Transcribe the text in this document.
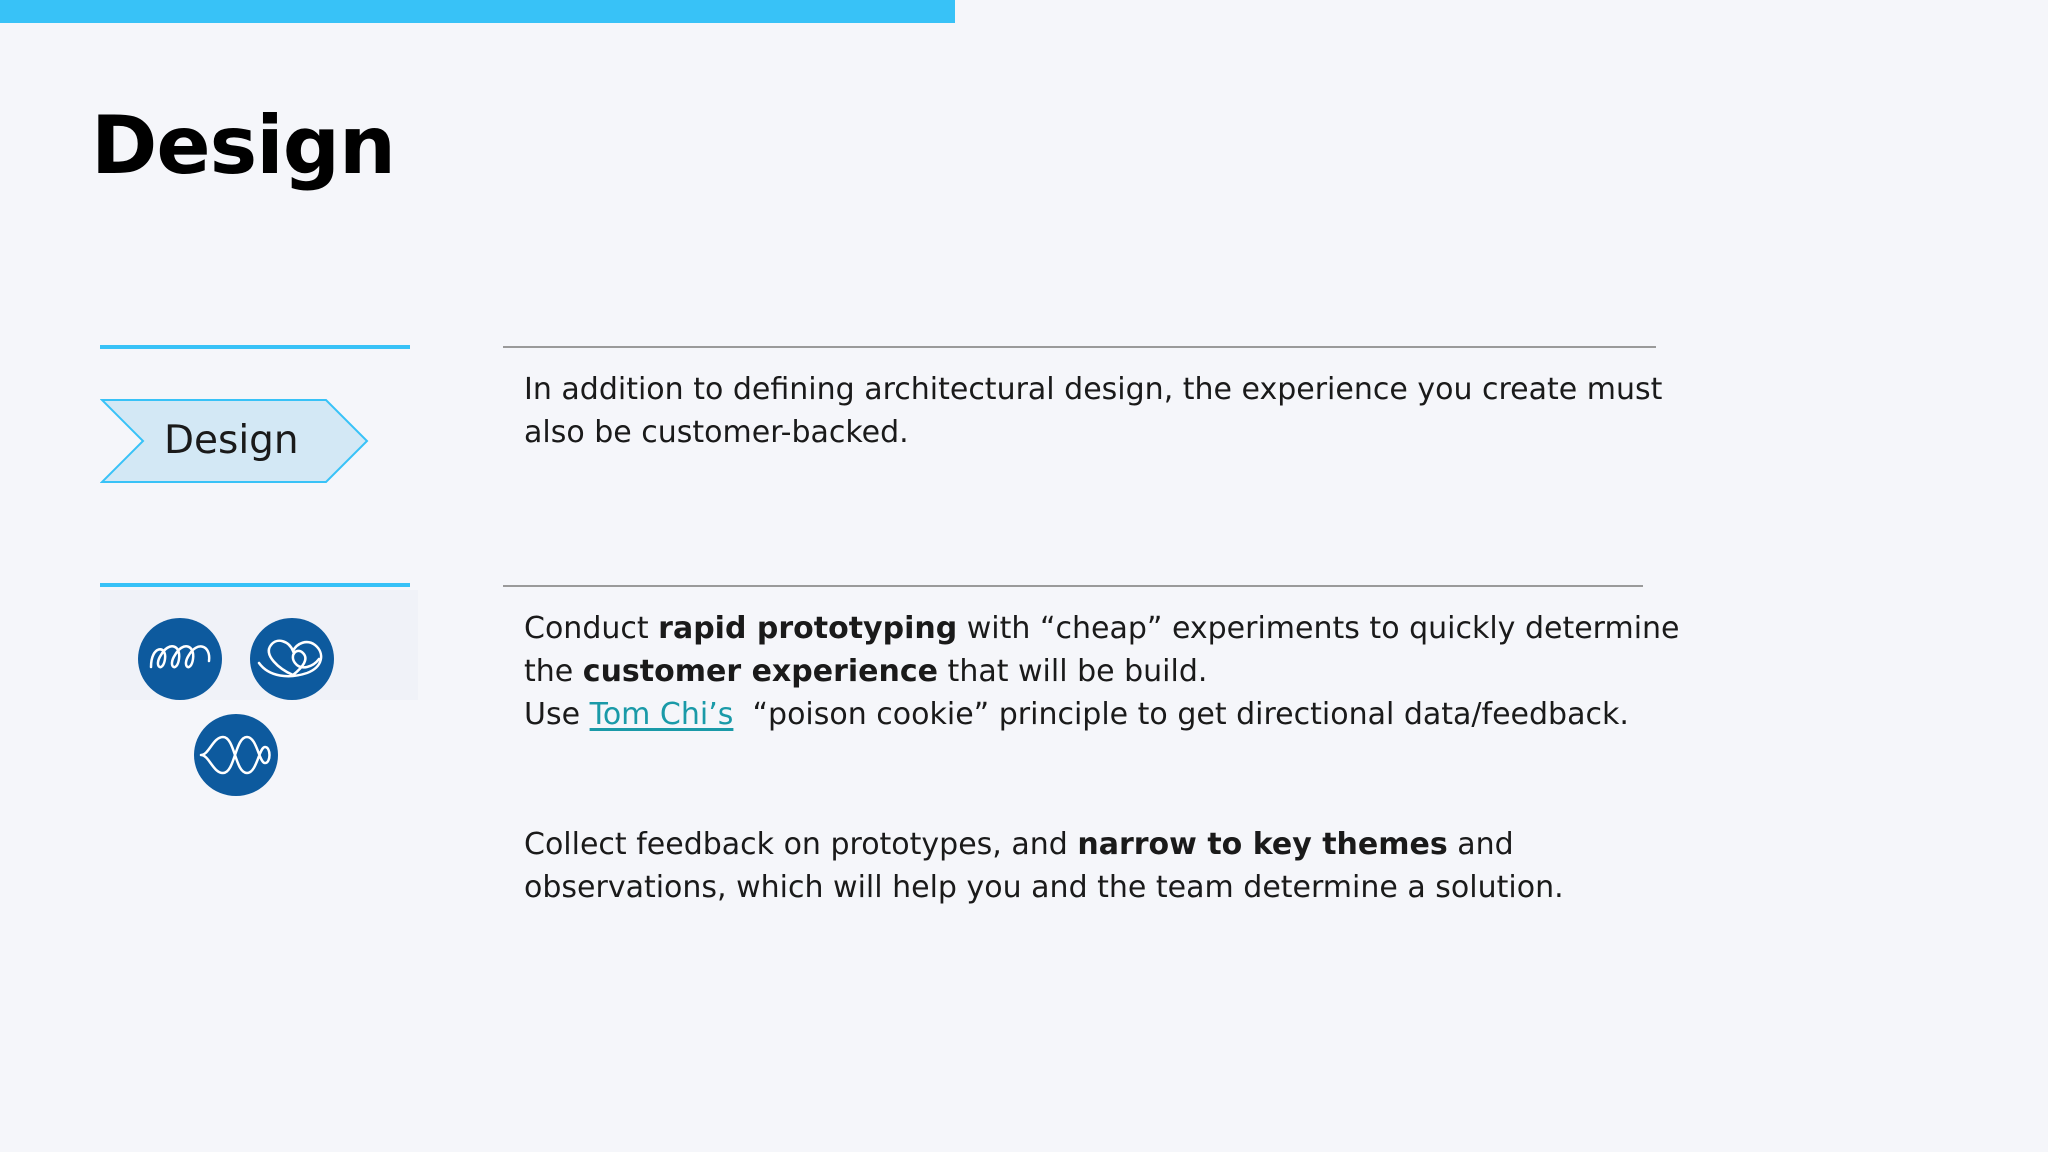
Design
Design

In addition to defining architectural design, the experience you create must
also be customer-backed.

Conduct rapid prototyping with “cheap” experiments to quickly determine
the customer experience that will be build.
Use Tom Chi’s  “poison cookie” principle to get directional data/feedback.

Collect feedback on prototypes, and narrow to key themes and
observations, which will help you and the team determine a solution.
